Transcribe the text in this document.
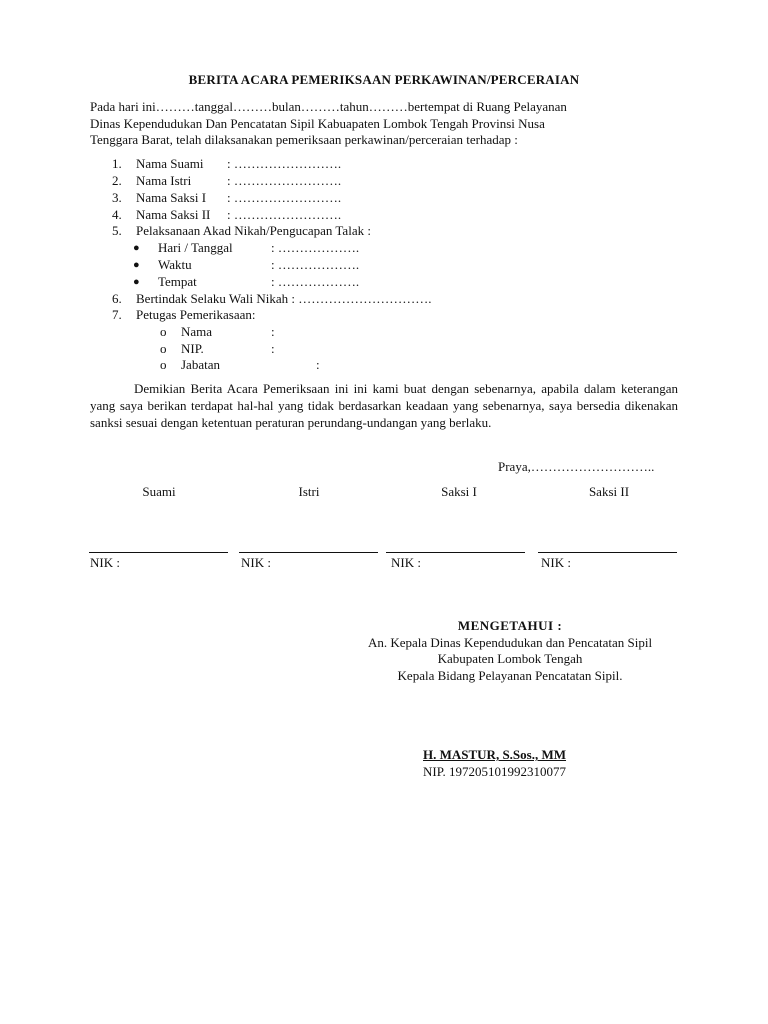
BERITA ACARA PEMERIKSAAN PERKAWINAN/PERCERAIAN
Pada hari ini………tanggal………bulan………tahun………bertempat di Ruang Pelayanan
Dinas Kependudukan Dan Pencatatan Sipil Kabuapaten Lombok Tengah Provinsi Nusa
Tenggara Barat, telah dilaksanakan pemeriksaan perkawinan/perceraian terhadap :
1. Nama Suami : …………………….
2. Nama Istri	: …………………….
3. Nama Saksi I : …………………….
4. Nama Saksi II : …………………….
5. Pelaksanaan Akad Nikah/Pengucapan Talak :
● Hari / Tanggal	: ……………….
● Waktu	: ……………….
● Tempat	: ……………….
6. Bertindak Selaku Wali Nikah : ………………………….
7. Petugas Pemerikasaan:
o Nama	:
o NIP.	:
o Jabatan	:
Demikian Berita Acara Pemeriksaan ini ini kami buat dengan sebenarnya, apabila dalam keterangan yang saya berikan terdapat hal-hal yang tidak berdasarkan keadaan yang sebenarnya, saya bersedia dikenakan sanksi sesuai dengan ketentuan peraturan perundang-undangan yang berlaku.
Praya,………………………..
Suami	Istri	Saksi I	Saksi II
NIK :	NIK :	NIK :	NIK :
MENGETAHUI :
An. Kepala Dinas Kependudukan dan Pencatatan Sipil
Kabupaten Lombok Tengah
Kepala Bidang Pelayanan Pencatatan Sipil.
H. MASTUR, S.Sos., MM
NIP. 197205101992310077
